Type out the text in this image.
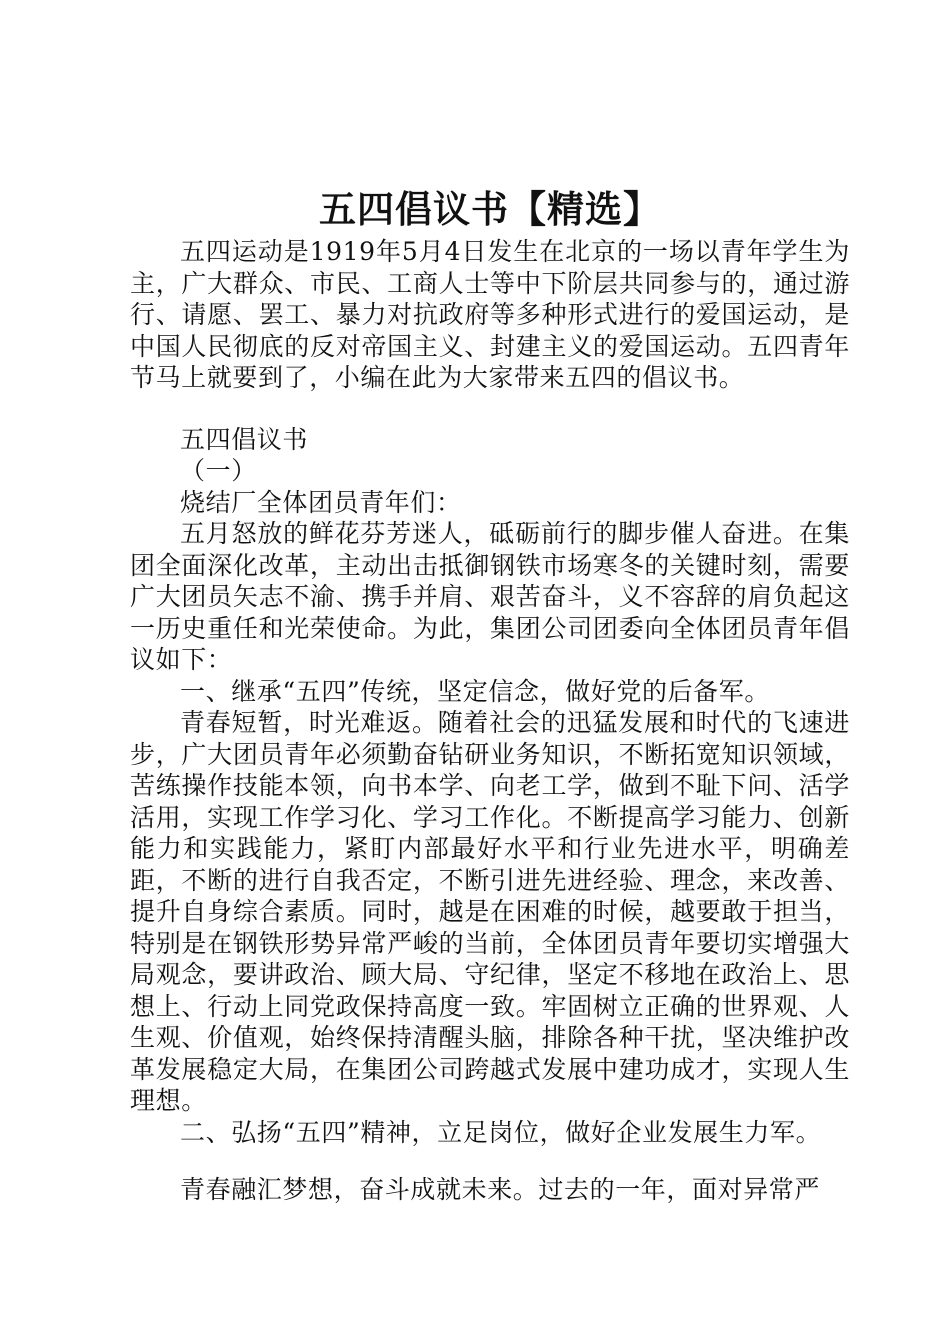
五四倡议书【精选】

五四运动是1919年5月4日发生在北京的一场以青年学生为主，广大群众、市民、工商人士等中下阶层共同参与的，通过游行、请愿、罢工、暴力对抗政府等多种形式进行的爱国运动，是中国人民彻底的反对帝国主义、封建主义的爱国运动。五四青年节马上就要到了，小编在此为大家带来五四的倡议书。

五四倡议书

（一）

烧结厂全体团员青年们：

五月怒放的鲜花芬芳迷人，砥砺前行的脚步催人奋进。在集团全面深化改革，主动出击抵御钢铁市场寒冬的关键时刻，需要广大团员矢志不渝、携手并肩、艰苦奋斗，义不容辞的肩负起这一历史重任和光荣使命。为此，集团公司团委向全体团员青年倡议如下：

一、继承“五四”传统，坚定信念，做好党的后备军。

青春短暂，时光难返。随着社会的迅猛发展和时代的飞速进步，广大团员青年必须勤奋钻研业务知识，不断拓宽知识领域，苦练操作技能本领，向书本学、向老工学，做到不耻下问、活学活用，实现工作学习化、学习工作化。不断提高学习能力、创新能力和实践能力，紧盯内部最好水平和行业先进水平，明确差距，不断的进行自我否定，不断引进先进经验、理念，来改善、提升自身综合素质。同时，越是在困难的时候，越要敢于担当，特别是在钢铁形势异常严峻的当前，全体团员青年要切实增强大局观念，要讲政治、顾大局、守纪律，坚定不移地在政治上、思想上、行动上同党政保持高度一致。牢固树立正确的世界观、人生观、价值观，始终保持清醒头脑，排除各种干扰，坚决维护改革发展稳定大局，在集团公司跨越式发展中建功成才，实现人生理想。

二、弘扬“五四”精神，立足岗位，做好企业发展生力军。

青春融汇梦想，奋斗成就未来。过去的一年，面对异常严
